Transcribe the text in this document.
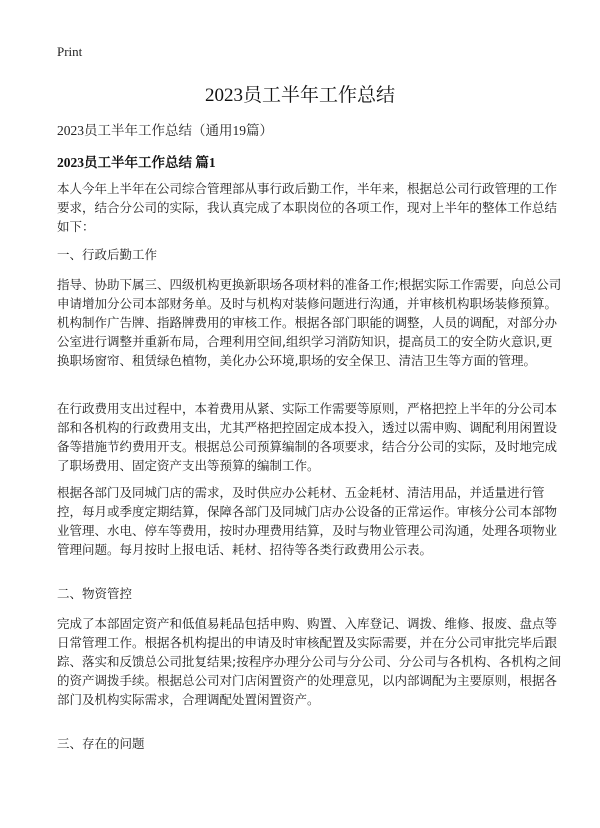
Print
2023员工半年工作总结
2023员工半年工作总结（通用19篇）
2023员工半年工作总结 篇1

本人今年上半年在公司综合管理部从事行政后勤工作，半年来，根据总公司行政管理的工作要求，结合分公司的实际，我认真完成了本职岗位的各项工作，现对上半年的整体工作总结如下：

一、行政后勤工作

指导、协助下属三、四级机构更换新职场各项材料的准备工作;根据实际工作需要，向总公司申请增加分公司本部财务单。及时与机构对装修问题进行沟通，并审核机构职场装修预算。机构制作广告牌、指路牌费用的审核工作。根据各部门职能的调整，人员的调配，对部分办公室进行调整并重新布局，合理利用空间,组织学习消防知识，提高员工的安全防火意识,更换职场窗帘、租赁绿色植物，美化办公环境,职场的安全保卫、清洁卫生等方面的管理。

在行政费用支出过程中，本着费用从紧、实际工作需要等原则，严格把控上半年的分公司本部和各机构的行政费用支出，尤其严格把控固定成本投入，透过以需申购、调配利用闲置设备等措施节约费用开支。根据总公司预算编制的各项要求，结合分公司的实际，及时地完成了职场费用、固定资产支出等预算的编制工作。

根据各部门及同城门店的需求，及时供应办公耗材、五金耗材、清洁用品，并适量进行管控，每月或季度定期结算，保障各部门及同城门店办公设备的正常运作。审核分公司本部物业管理、水电、停车等费用，按时办理费用结算，及时与物业管理公司沟通，处理各项物业管理问题。每月按时上报电话、耗材、招待等各类行政费用公示表。

二、物资管控

完成了本部固定资产和低值易耗品包括申购、购置、入库登记、调拨、维修、报废、盘点等日常管理工作。根据各机构提出的申请及时审核配置及实际需要，并在分公司审批完毕后跟踪、落实和反馈总公司批复结果;按程序办理分公司与分公司、分公司与各机构、各机构之间的资产调拨手续。根据总公司对门店闲置资产的处理意见，以内部调配为主要原则，根据各部门及机构实际需求，合理调配处置闲置资产。

三、存在的问题
